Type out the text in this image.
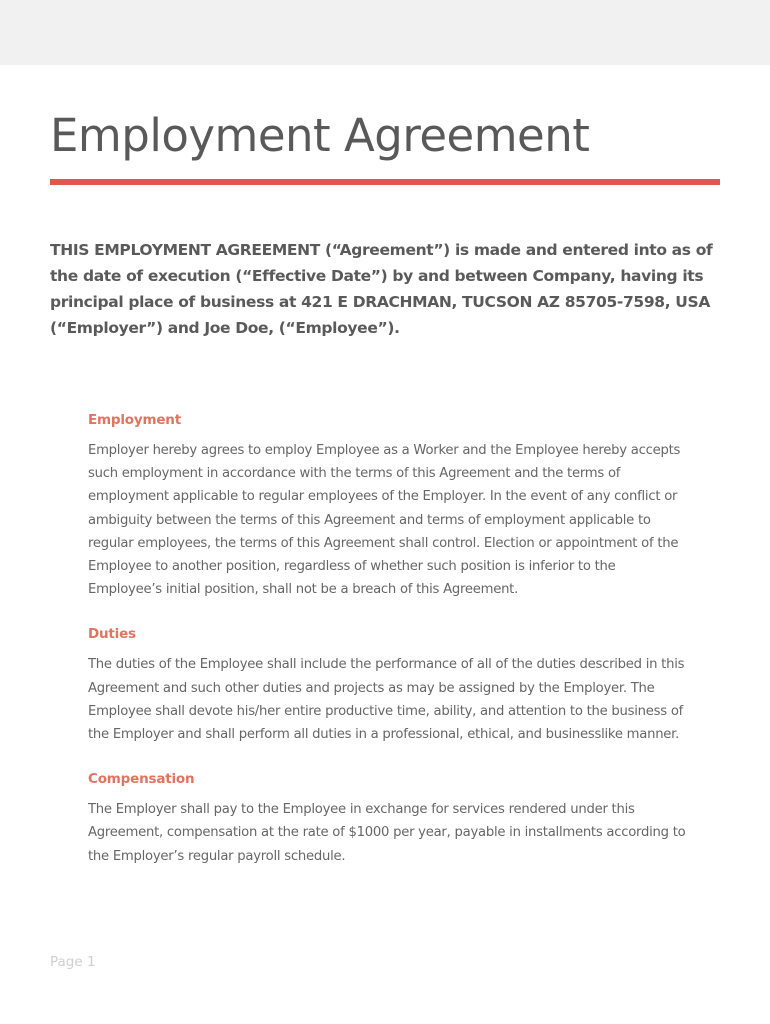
Employment Agreement

THIS EMPLOYMENT AGREEMENT (“Agreement”) is made and entered into as of the date of execution (“Effective Date”) by and between Company, having its principal place of business at 421 E DRACHMAN, TUCSON AZ 85705-7598, USA (“Employer”) and Joe Doe, (“Employee”).

Employment

Employer hereby agrees to employ Employee as a Worker and the Employee hereby accepts such employment in accordance with the terms of this Agreement and the terms of employment applicable to regular employees of the Employer. In the event of any conflict or ambiguity between the terms of this Agreement and terms of employment applicable to regular employees, the terms of this Agreement shall control. Election or appointment of the Employee to another position, regardless of whether such position is inferior to the Employee’s initial position, shall not be a breach of this Agreement.

Duties

The duties of the Employee shall include the performance of all of the duties described in this Agreement and such other duties and projects as may be assigned by the Employer. The Employee shall devote his/her entire productive time, ability, and attention to the business of the Employer and shall perform all duties in a professional, ethical, and businesslike manner.

Compensation

The Employer shall pay to the Employee in exchange for services rendered under this Agreement, compensation at the rate of $1000 per year, payable in installments according to the Employer’s regular payroll schedule.

Page 1
